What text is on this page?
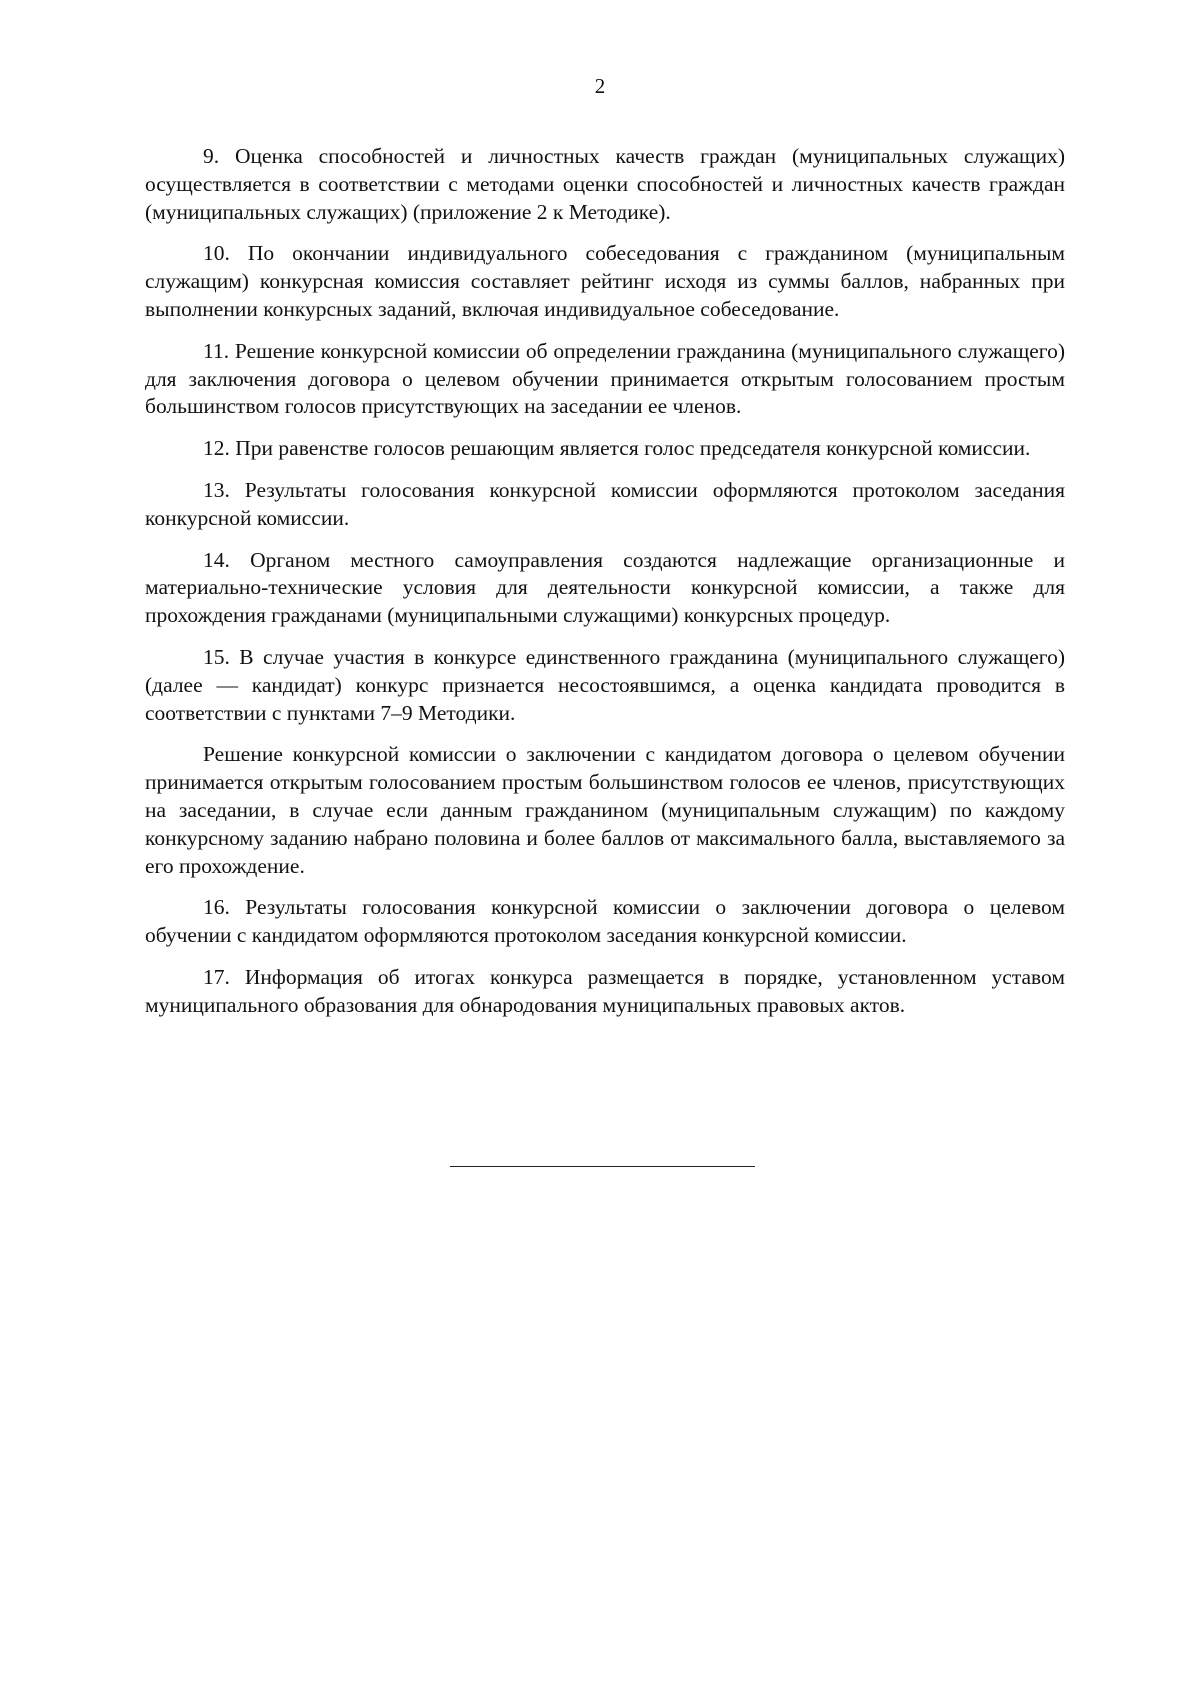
2

9. Оценка способностей и личностных качеств граждан (муниципальных служащих) осуществляется в соответствии с методами оценки способностей и личностных качеств граждан (муниципальных служащих) (приложение 2 к Методике).

10. По окончании индивидуального собеседования с гражданином (муниципальным служащим) конкурсная комиссия составляет рейтинг исходя из суммы баллов, набранных при выполнении конкурсных заданий, включая индивидуальное собеседование.

11. Решение конкурсной комиссии об определении гражданина (муниципального служащего) для заключения договора о целевом обучении принимается открытым голосованием простым большинством голосов присутствующих на заседании ее членов.

12. При равенстве голосов решающим является голос председателя конкурсной комиссии.

13. Результаты голосования конкурсной комиссии оформляются протоколом заседания конкурсной комиссии.

14. Органом местного самоуправления создаются надлежащие организационные и материально-технические условия для деятельности конкурсной комиссии, а также для прохождения гражданами (муниципальными служащими) конкурсных процедур.

15. В случае участия в конкурсе единственного гражданина (муниципального служащего) (далее — кандидат) конкурс признается несостоявшимся, а оценка кандидата проводится в соответствии с пунктами 7–9 Методики.

Решение конкурсной комиссии о заключении с кандидатом договора о целевом обучении принимается открытым голосованием простым большинством голосов ее членов, присутствующих на заседании, в случае если данным гражданином (муниципальным служащим) по каждому конкурсному заданию набрано половина и более баллов от максимального балла, выставляемого за его прохождение.

16. Результаты голосования конкурсной комиссии о заключении договора о целевом обучении с кандидатом оформляются протоколом заседания конкурсной комиссии.

17. Информация об итогах конкурса размещается в порядке, установленном уставом муниципального образования для обнародования муниципальных правовых актов.
